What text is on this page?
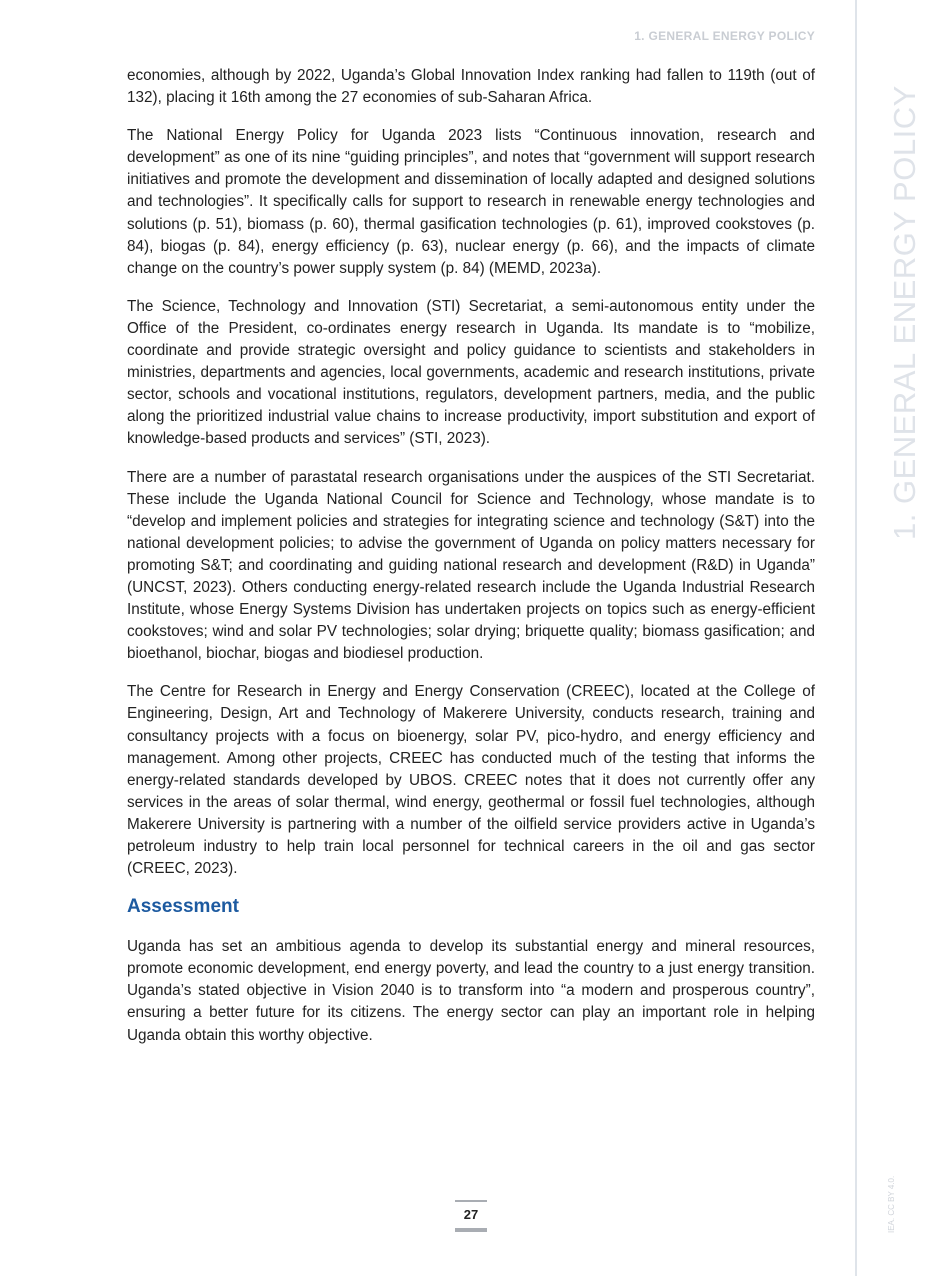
1. GENERAL ENERGY POLICY

economies, although by 2022, Uganda’s Global Innovation Index ranking had fallen to 119th (out of 132), placing it 16th among the 27 economies of sub-Saharan Africa.

The National Energy Policy for Uganda 2023 lists “Continuous innovation, research and development” as one of its nine “guiding principles”, and notes that “government will support research initiatives and promote the development and dissemination of locally adapted and designed solutions and technologies”. It specifically calls for support to research in renewable energy technologies and solutions (p. 51), biomass (p. 60), thermal gasification technologies (p. 61), improved cookstoves (p. 84), biogas (p. 84), energy efficiency (p. 63), nuclear energy (p. 66), and the impacts of climate change on the country’s power supply system (p. 84) (MEMD, 2023a).

The Science, Technology and Innovation (STI) Secretariat, a semi-autonomous entity under the Office of the President, co-ordinates energy research in Uganda. Its mandate is to “mobilize, coordinate and provide strategic oversight and policy guidance to scientists and stakeholders in ministries, departments and agencies, local governments, academic and research institutions, private sector, schools and vocational institutions, regulators, development partners, media, and the public along the prioritized industrial value chains to increase productivity, import substitution and export of knowledge-based products and services” (STI, 2023).

There are a number of parastatal research organisations under the auspices of the STI Secretariat. These include the Uganda National Council for Science and Technology, whose mandate is to “develop and implement policies and strategies for integrating science and technology (S&T) into the national development policies; to advise the government of Uganda on policy matters necessary for promoting S&T; and coordinating and guiding national research and development (R&D) in Uganda” (UNCST, 2023). Others conducting energy-related research include the Uganda Industrial Research Institute, whose Energy Systems Division has undertaken projects on topics such as energy-efficient cookstoves; wind and solar PV technologies; solar drying; briquette quality; biomass gasification; and bioethanol, biochar, biogas and biodiesel production.

The Centre for Research in Energy and Energy Conservation (CREEC), located at the College of Engineering, Design, Art and Technology of Makerere University, conducts research, training and consultancy projects with a focus on bioenergy, solar PV, pico-hydro, and energy efficiency and management. Among other projects, CREEC has conducted much of the testing that informs the energy-related standards developed by UBOS. CREEC notes that it does not currently offer any services in the areas of solar thermal, wind energy, geothermal or fossil fuel technologies, although Makerere University is partnering with a number of the oilfield service providers active in Uganda’s petroleum industry to help train local personnel for technical careers in the oil and gas sector (CREEC, 2023).

Assessment

Uganda has set an ambitious agenda to develop its substantial energy and mineral resources, promote economic development, end energy poverty, and lead the country to a just energy transition. Uganda’s stated objective in Vision 2040 is to transform into “a modern and prosperous country”, ensuring a better future for its citizens. The energy sector can play an important role in helping Uganda obtain this worthy objective.

1. GENERAL ENERGY POLICY
IEA. CC BY 4.0.
27
